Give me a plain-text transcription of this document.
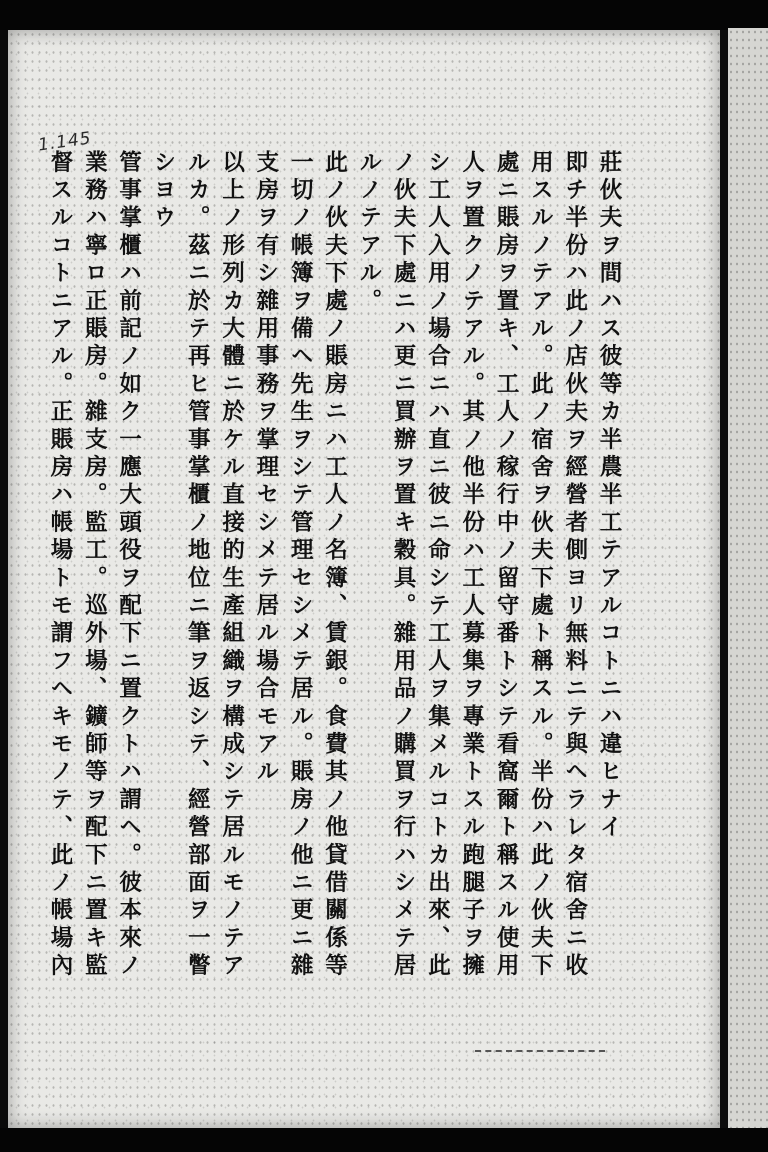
1.145
莊伙夫ヲ間ハス彼等カ半農半工テアルコトニハ違ヒナイ
即チ半份ハ此ノ店伙夫ヲ經營者側ヨリ無料ニテ與ヘラレタ宿舍ニ收
用スルノテアル。此ノ宿舍ヲ伙夫下處ト稱スル。半份ハ此ノ伙夫下
處ニ賬房ヲ置キ、工人ノ稼行中ノ留守番トシテ看窩爾ト稱スル使用
人ヲ置クノテアル。其ノ他半份ハ工人募集ヲ專業トスル跑腿子ヲ擁
シ工人入用ノ場合ニハ直ニ彼ニ命シテ工人ヲ集メルコトカ出來、此
ノ伙夫下處ニハ更ニ買辦ヲ置キ穀具。雜用品ノ購買ヲ行ハシメテ居
ルノテアル。
此ノ伙夫下處ノ賬房ニハ工人ノ名簿、賃銀。食費其ノ他貸借關係等
一切ノ帳簿ヲ備ヘ先生ヲシテ管理セシメテ居ル。賬房ノ他ニ更ニ雜
支房ヲ有シ雜用事務ヲ掌理セシメテ居ル場合モアル
以上ノ形列カ大體ニ於ケル直接的生產組織ヲ構成シテ居ルモノテア
ルカ。茲ニ於テ再ヒ管事掌櫃ノ地位ニ筆ヲ返シテ、經營部面ヲ一瞥
シヨウ
管事掌櫃ハ前記ノ如ク一應大頭役ヲ配下ニ置クトハ謂ヘ。彼本來ノ
業務ハ寧ロ正賬房。雜支房。監工。巡外場、鑛師等ヲ配下ニ置キ監
督スルコトニアル。正賬房ハ帳場トモ謂フヘキモノテ、此ノ帳場內
